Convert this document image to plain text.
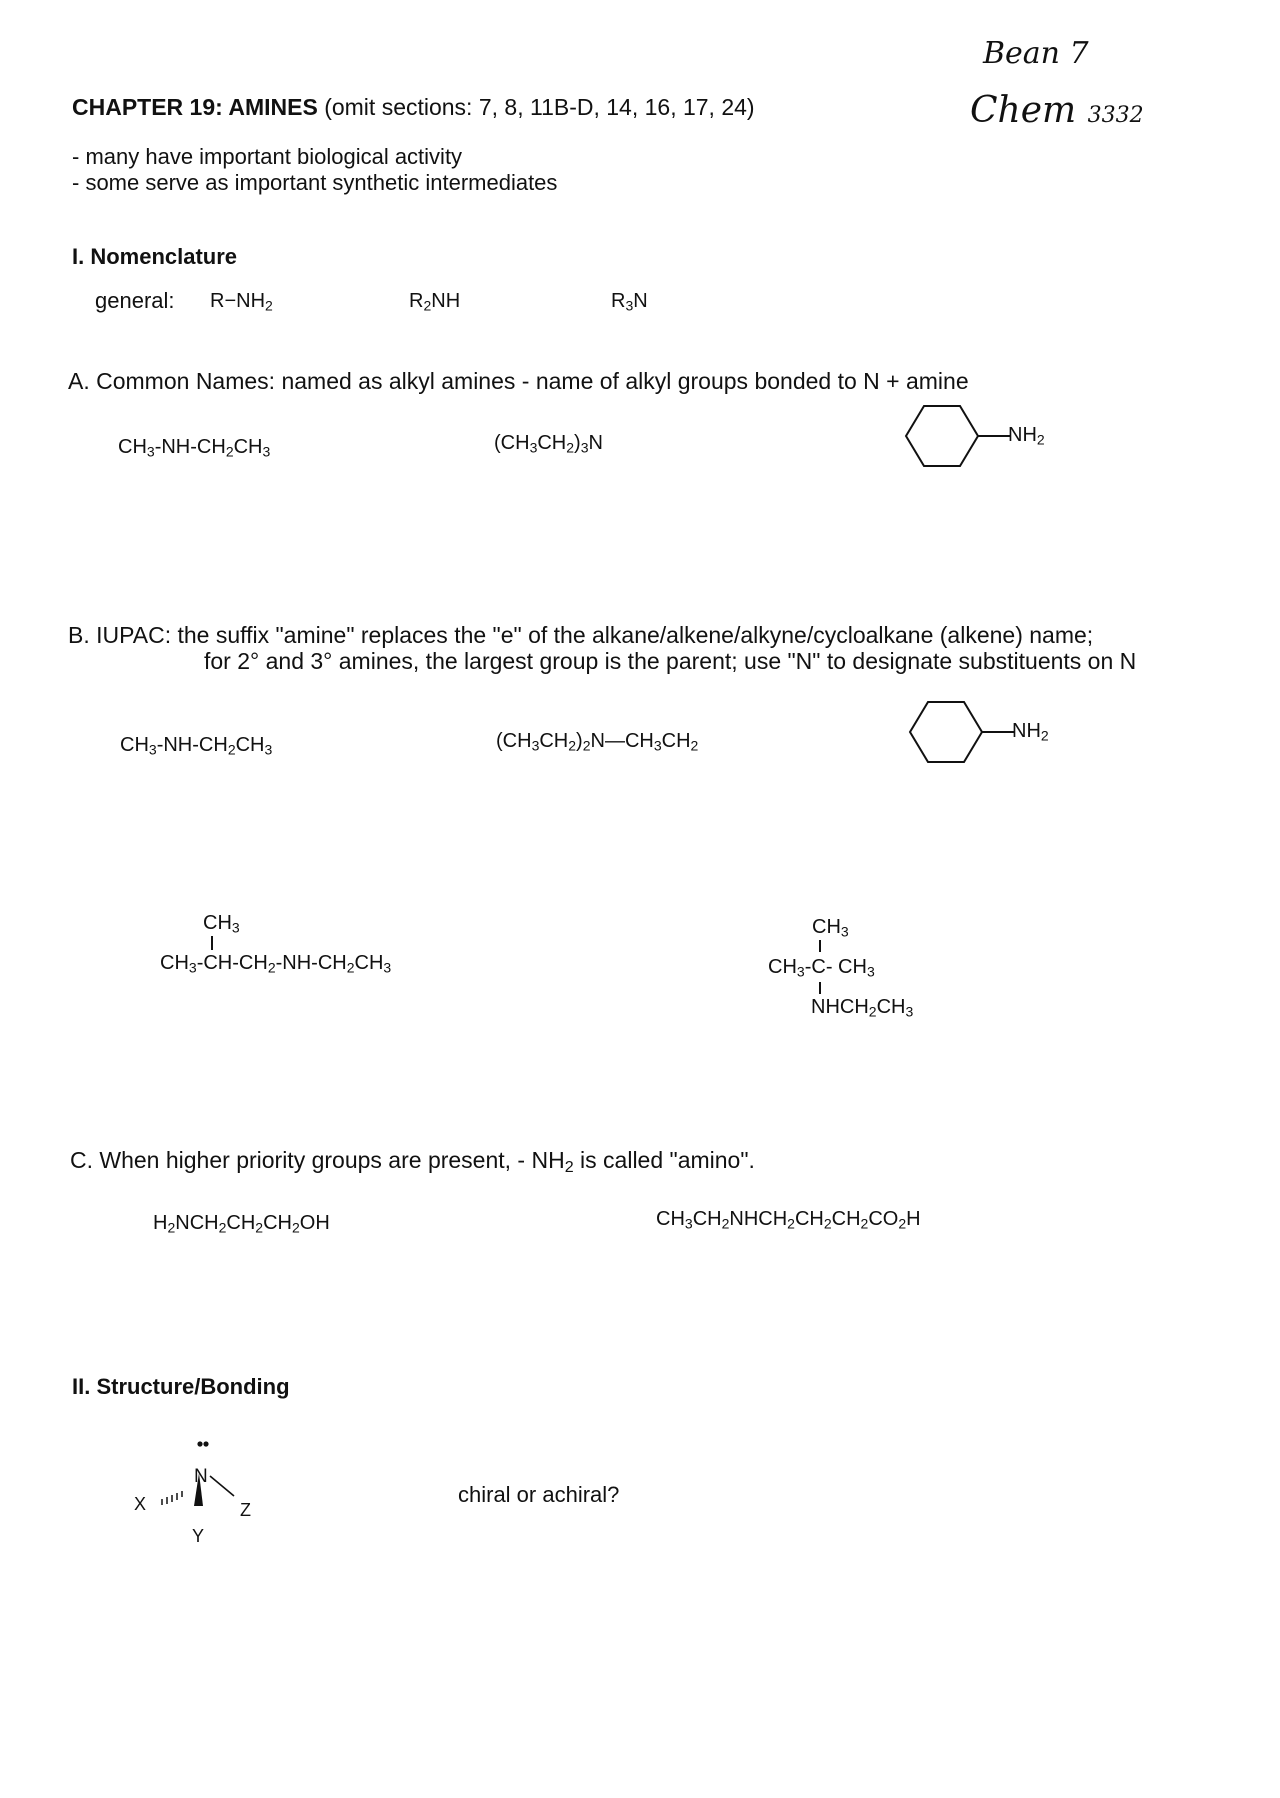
Bean 7
Chem 3332
CHAPTER 19: AMINES (omit sections: 7, 8, 11B-D, 14, 16, 17, 24)
- many have important biological activity
- some serve as important synthetic intermediates
I. Nomenclature
general: $R-NH_2$	$R_2NH$	$R_3N$
A. Common Names: named as alkyl amines - name of alkyl groups bonded to N + amine
$CH_3-NH-CH_2CH_3$	$(CH_3CH_2)_3N$	$NH_2$
B. IUPAC: the suffix "amine" replaces the "e" of the alkane/alkene/alkyne/cycloalkane (alkene) name;
for 2° and 3° amines, the largest group is the parent; use "N" to designate substituents on N
$CH_3-NH-CH_2CH_3$	$(CH_3CH_2)_2N—CH_3CH_2$
$NH_2$
$CH_3$
$CH_3-CH-CH_2-NH-CH_2CH_3$
$CH_3$
$CH_3-C-$ $CH_3$
$NHCH_2CH_3$
C. When higher priority groups are present, - $NH_2$ is called "amino".
$H_2NCH_2CH_2CH_2OH$	$CH_3CH_2NHCH_2CH_2CH_2CO_2H$
II. Structure/Bonding
N
X
Y
Z
chiral or achiral?
